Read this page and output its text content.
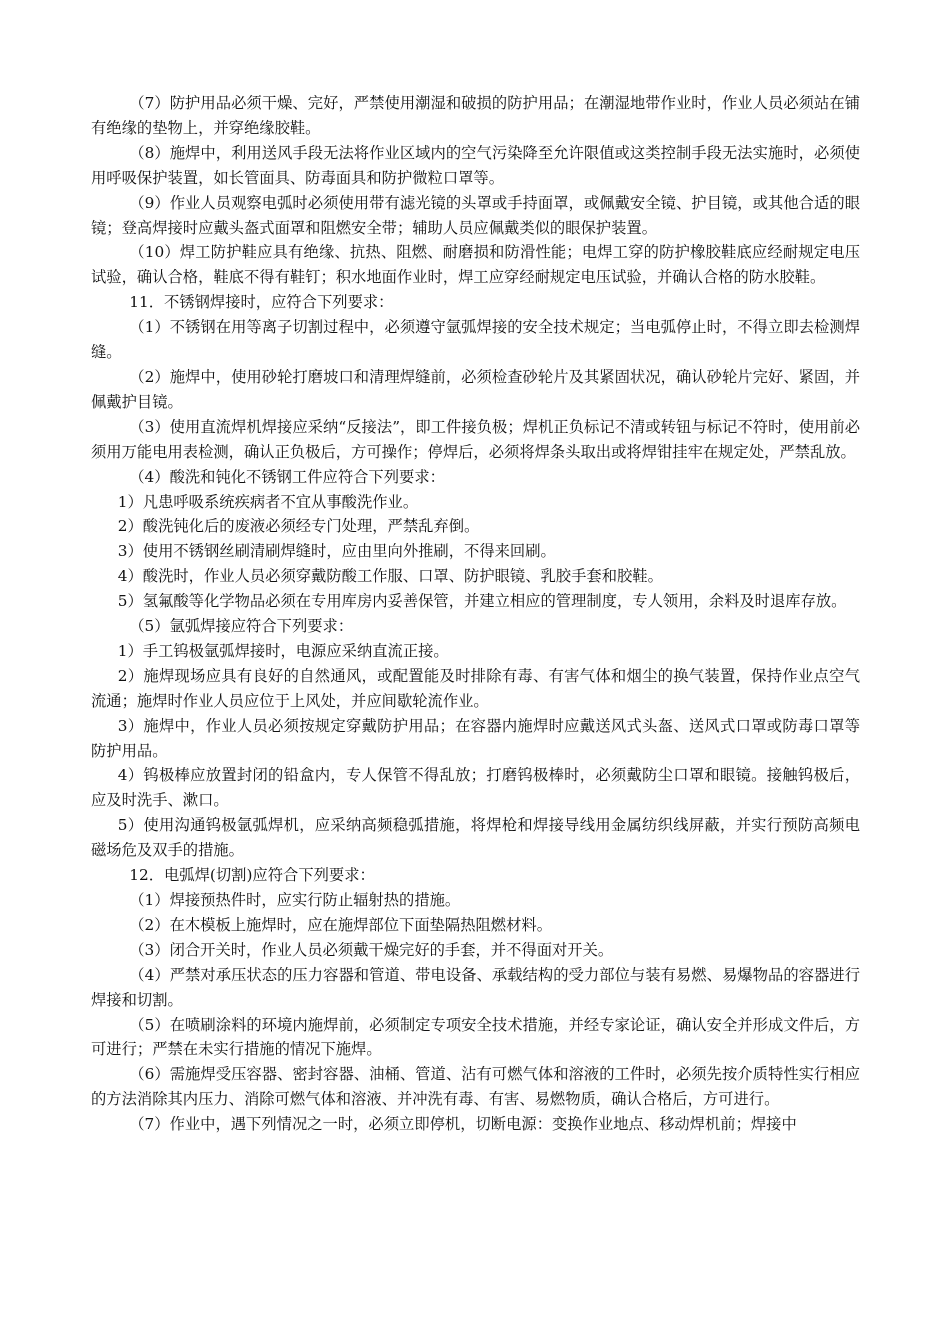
（7）防护用品必须干燥、完好，严禁使用潮湿和破损的防护用品；在潮湿地带作业时，作业人员必须站在铺有绝缘的垫物上，并穿绝缘胶鞋。

（8）施焊中，利用送风手段无法将作业区域内的空气污染降至允许限值或这类控制手段无法实施时，必须使用呼吸保护装置，如长管面具、防毒面具和防护微粒口罩等。

（9）作业人员观察电弧时必须使用带有滤光镜的头罩或手持面罩，或佩戴安全镜、护目镜，或其他合适的眼镜；登高焊接时应戴头盔式面罩和阻燃安全带；辅助人员应佩戴类似的眼保护装置。

（10）焊工防护鞋应具有绝缘、抗热、阻燃、耐磨损和防滑性能；电焊工穿的防护橡胶鞋底应经耐规定电压试验，确认合格，鞋底不得有鞋钉；积水地面作业时，焊工应穿经耐规定电压试验，并确认合格的防水胶鞋。

11．不锈钢焊接时，应符合下列要求：

（1）不锈钢在用等离子切割过程中，必须遵守氩弧焊接的安全技术规定；当电弧停止时，不得立即去检测焊缝。

（2）施焊中，使用砂轮打磨坡口和清理焊缝前，必须检查砂轮片及其紧固状况，确认砂轮片完好、紧固，并佩戴护目镜。

（3）使用直流焊机焊接应采纳“反接法”，即工件接负极；焊机正负标记不清或转钮与标记不符时，使用前必须用万能电用表检测，确认正负极后，方可操作；停焊后，必须将焊条头取出或将焊钳挂牢在规定处，严禁乱放。

（4）酸洗和钝化不锈钢工件应符合下列要求：

1）凡患呼吸系统疾病者不宜从事酸洗作业。

2）酸洗钝化后的废液必须经专门处理，严禁乱弃倒。

3）使用不锈钢丝刷清刷焊缝时，应由里向外推刷，不得来回刷。

4）酸洗时，作业人员必须穿戴防酸工作服、口罩、防护眼镜、乳胶手套和胶鞋。

5）氢氟酸等化学物品必须在专用库房内妥善保管，并建立相应的管理制度，专人领用，余料及时退库存放。

（5）氩弧焊接应符合下列要求：

1）手工钨极氩弧焊接时，电源应采纳直流正接。

2）施焊现场应具有良好的自然通风，或配置能及时排除有毒、有害气体和烟尘的换气装置，保持作业点空气流通；施焊时作业人员应位于上风处，并应间歇轮流作业。

3）施焊中，作业人员必须按规定穿戴防护用品；在容器内施焊时应戴送风式头盔、送风式口罩或防毒口罩等防护用品。

4）钨极棒应放置封闭的铅盒内，专人保管不得乱放；打磨钨极棒时，必须戴防尘口罩和眼镜。接触钨极后，应及时洗手、漱口。

5）使用沟通钨极氩弧焊机，应采纳高频稳弧措施，将焊枪和焊接导线用金属纺织线屏蔽，并实行预防高频电磁场危及双手的措施。

12．电弧焊(切割)应符合下列要求：

（1）焊接预热件时，应实行防止辐射热的措施。

（2）在木模板上施焊时，应在施焊部位下面垫隔热阻燃材料。

（3）闭合开关时，作业人员必须戴干燥完好的手套，并不得面对开关。

（4）严禁对承压状态的压力容器和管道、带电设备、承载结构的受力部位与装有易燃、易爆物品的容器进行焊接和切割。

（5）在喷刷涂料的环境内施焊前，必须制定专项安全技术措施，并经专家论证，确认安全并形成文件后，方可进行；严禁在未实行措施的情况下施焊。

（6）需施焊受压容器、密封容器、油桶、管道、沾有可燃气体和溶液的工件时，必须先按介质特性实行相应的方法消除其内压力、消除可燃气体和溶液、并冲洗有毒、有害、易燃物质，确认合格后，方可进行。

（7）作业中，遇下列情况之一时，必须立即停机，切断电源：变换作业地点、移动焊机前；焊接中
